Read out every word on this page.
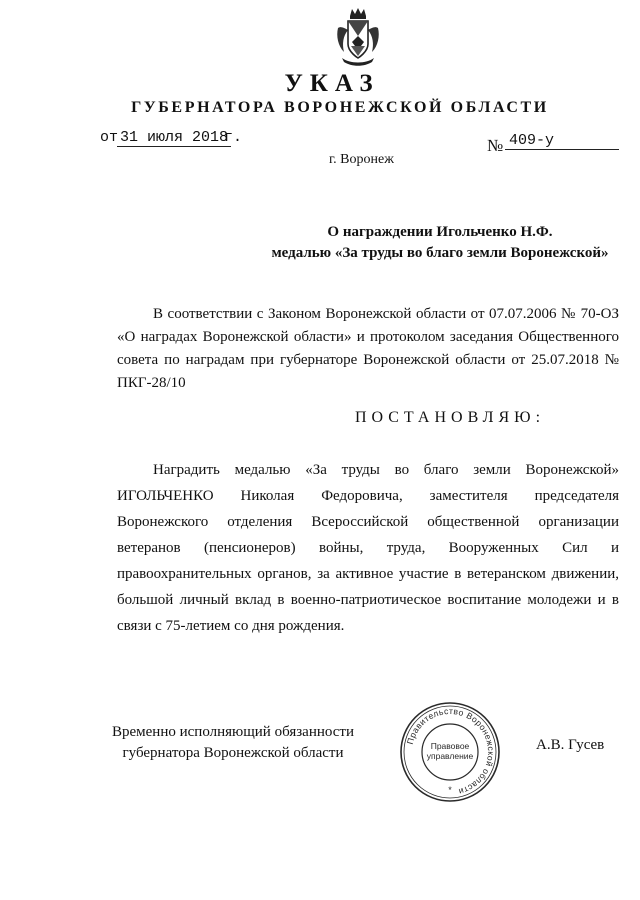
УКАЗ
ГУБЕРНАТОРА ВОРОНЕЖСКОЙ ОБЛАСТИ
от 31 июля 2018
г.	№ 409-у
г. Воронеж
О награждении Игольченко Н.Ф.
медалью «За труды во благо земли Воронежской»
В соответствии с Законом Воронежской области от 07.07.2006 № 70-ОЗ «О наградах Воронежской области» и протоколом заседания Общественного совета по наградам при губернаторе Воронежской области от 25.07.2018 № ПКГ-28/10
ПОСТАНОВЛЯЮ:
Наградить медалью «За труды во благо земли Воронежской» ИГОЛЬЧЕНКО Николая Федоровича, заместителя председателя Воронежского отделения Всероссийской общественной организации ветеранов (пенсионеров) войны, труда, Вооруженных Сил и правоохранительных органов, за активное участие в ветеранском движении, большой личный вклад в военно-патриотическое воспитание молодежи и в связи с 75-летием со дня рождения.
Временно исполняющий обязанности
губернатора Воронежской области
Правительство Воронежской области
Правовое
управление
*
А.В. Гусев
